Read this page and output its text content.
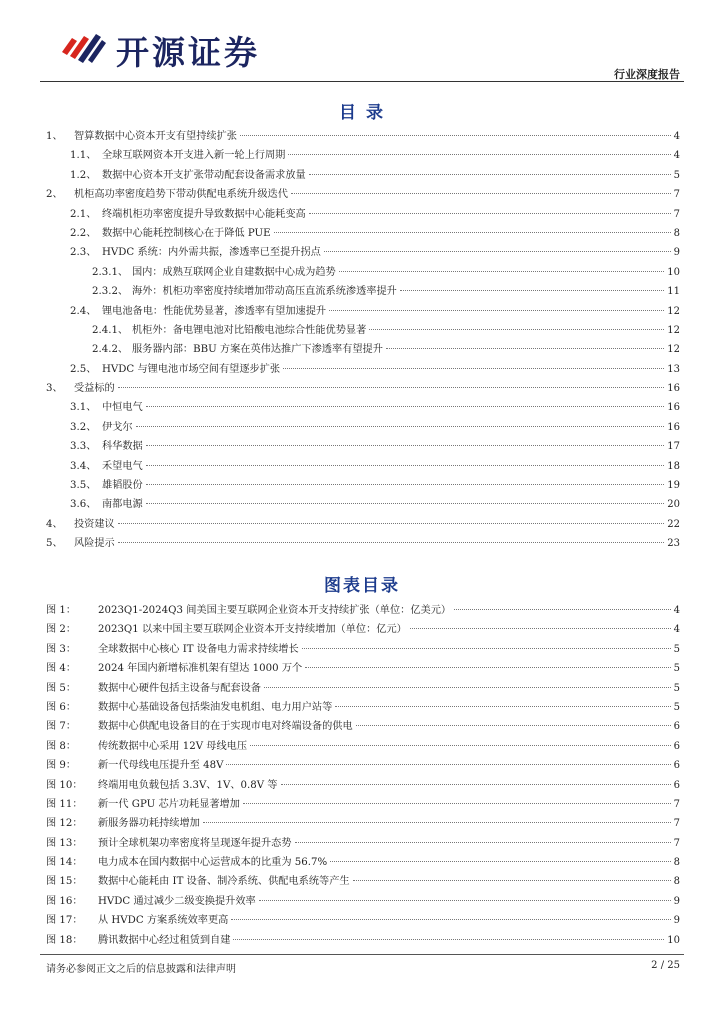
开源证券
行业深度报告
目 录
1、	智算数据中心资本开支有望持续扩张	4
1.1、 全球互联网资本开支进入新一轮上行周期	4
1.2、 数据中心资本开支扩张带动配套设备需求放量	5
2、	机柜高功率密度趋势下带动供配电系统升级迭代	7
2.1、 终端机柜功率密度提升导致数据中心能耗变高	7
2.2、 数据中心能耗控制核心在于降低 PUE	8
2.3、 HVDC 系统：内外需共振，渗透率已至提升拐点	9
2.3.1、 国内：成熟互联网企业自建数据中心成为趋势	10
2.3.2、 海外：机柜功率密度持续增加带动高压直流系统渗透率提升	11
2.4、 锂电池备电：性能优势显著，渗透率有望加速提升	12
2.4.1、 机柜外：备电锂电池对比铅酸电池综合性能优势显著	12
2.4.2、 服务器内部：BBU 方案在英伟达推广下渗透率有望提升	12
2.5、 HVDC 与锂电池市场空间有望逐步扩张	13
3、	受益标的	16
3.1、 中恒电气	16
3.2、 伊戈尔	16
3.3、 科华数据	17
3.4、 禾望电气	18
3.5、 雄韬股份	19
3.6、 南都电源	20
4、	投资建议	22
5、	风险提示	23
图表目录
图 1：	2023Q1-2024Q3 间美国主要互联网企业资本开支持续扩张（单位：亿美元）	4
图 2：	2023Q1 以来中国主要互联网企业资本开支持续增加（单位：亿元）	4
图 3：	全球数据中心核心 IT 设备电力需求持续增长	5
图 4：	2024 年国内新增标准机架有望达 1000 万个	5
图 5：	数据中心硬件包括主设备与配套设备	5
图 6：	数据中心基础设备包括柴油发电机组、电力用户站等	5
图 7：	数据中心供配电设备目的在于实现市电对终端设备的供电	6
图 8：	传统数据中心采用 12V 母线电压	6
图 9：	新一代母线电压提升至 48V	6
图 10：	终端用电负载包括 3.3V、1V、0.8V 等	6
图 11：	新一代 GPU 芯片功耗显著增加	7
图 12：	新服务器功耗持续增加	7
图 13：	预计全球机架功率密度将呈现逐年提升态势	7
图 14：	电力成本在国内数据中心运营成本的比重为 56.7%	8
图 15：	数据中心能耗由 IT 设备、制冷系统、供配电系统等产生	8
图 16：	HVDC 通过减少二级变换提升效率	9
图 17：	从 HVDC 方案系统效率更高	9
图 18：	腾讯数据中心经过租赁到自建	10
请务必参阅正文之后的信息披露和法律声明	2 / 25
